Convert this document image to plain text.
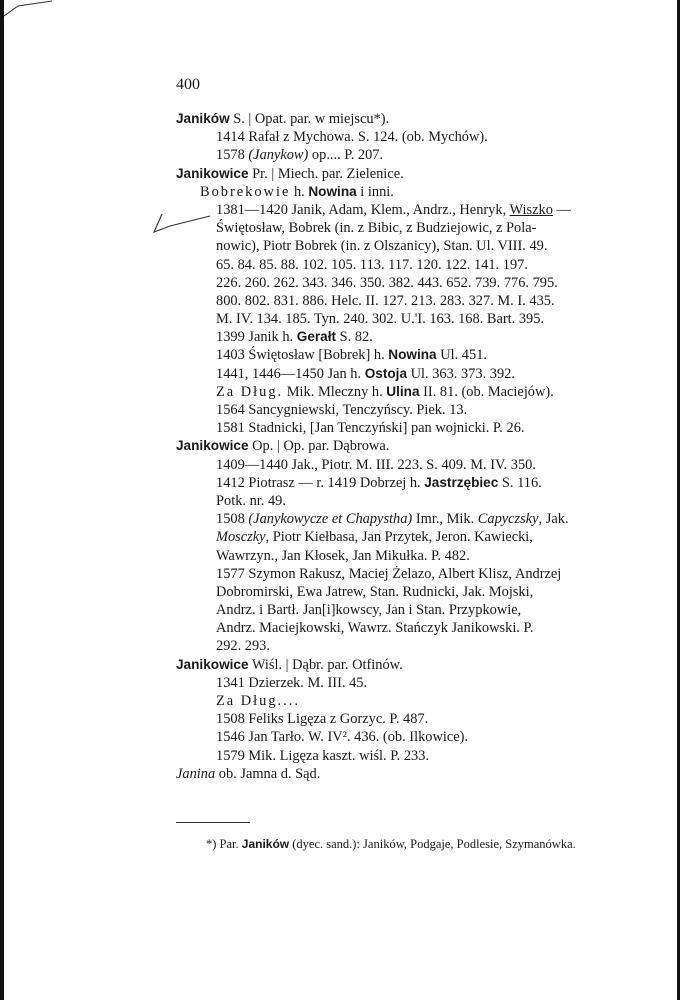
400
Janików S. | Opat. par. w miejscu*).
1414 Rafał z Mychowa. S. 124. (ob. Mychów).
1578 (Janykow) op.... P. 207.
Janikowice Pr. | Miech. par. Zielenice.
Bobrekowie h. Nowina i inni.
1381—1420 Janik, Adam, Klem., Andrz., Henryk, Wiszko —
Świętosław, Bobrek (in. z Bibic, z Budziejowic, z Pola-
nowic), Piotr Bobrek (in. z Olszanicy), Stan. Ul. VIII. 49.
65. 84. 85. 88. 102. 105. 113. 117. 120. 122. 141. 197.
226. 260. 262. 343. 346. 350. 382. 443. 652. 739. 776. 795.
800. 802. 831. 886. Helc. II. 127. 213. 283. 327. M. I. 435.
M. IV. 134. 185. Tyn. 240. 302. U.'I. 163. 168. Bart. 395.
1399 Janik h. Gerałt S. 82.
1403 Świętosław [Bobrek] h. Nowina Ul. 451.
1441, 1446—1450 Jan h. Ostoja Ul. 363. 373. 392.
Za Dług. Mik. Mleczny h. Ulina II. 81. (ob. Maciejów).
1564 Sancygniewski, Tenczyńscy. Piek. 13.
1581 Stadnicki, [Jan Tenczyński] pan wojnicki. P. 26.
Janikowice Op. | Op. par. Dąbrowa.
1409—1440 Jak., Piotr. M. III. 223. S. 409. M. IV. 350.
1412 Piotrasz — r. 1419 Dobrzej h. Jastrzębiec S. 116.
Potk. nr. 49.
1508 (Janykowycze et Chapystha) Imr., Mik. Capyczsky, Jak.
Mosczky, Piotr Kiełbasa, Jan Przytek, Jeron. Kawiecki,
Wawrzyn., Jan Kłosek, Jan Mikułka. P. 482.
1577 Szymon Rakusz, Maciej Żelazo, Albert Klisz, Andrzej
Dobromirski, Ewa Jatrew, Stan. Rudnicki, Jak. Mojski,
Andrz. i Bartł. Jan[i]kowscy, Jan i Stan. Przypkowie,
Andrz. Maciejkowski, Wawrz. Stańczyk Janikowski. P.
292. 293.
Janikowice Wiśl. | Dąbr. par. Otfinów.
1341 Dzierzek. M. III. 45.
Za Dług....
1508 Feliks Ligęza z Gorzyc. P. 487.
1546 Jan Tarło. W. IV². 436. (ob. Ilkowice).
1579 Mik. Ligęza kaszt. wiśl. P. 233.
Janina ob. Jamna d. Sąd.
*) Par. Janików (dyec. sand.): Janików, Podgaje, Podlesie, Szymanówka.
